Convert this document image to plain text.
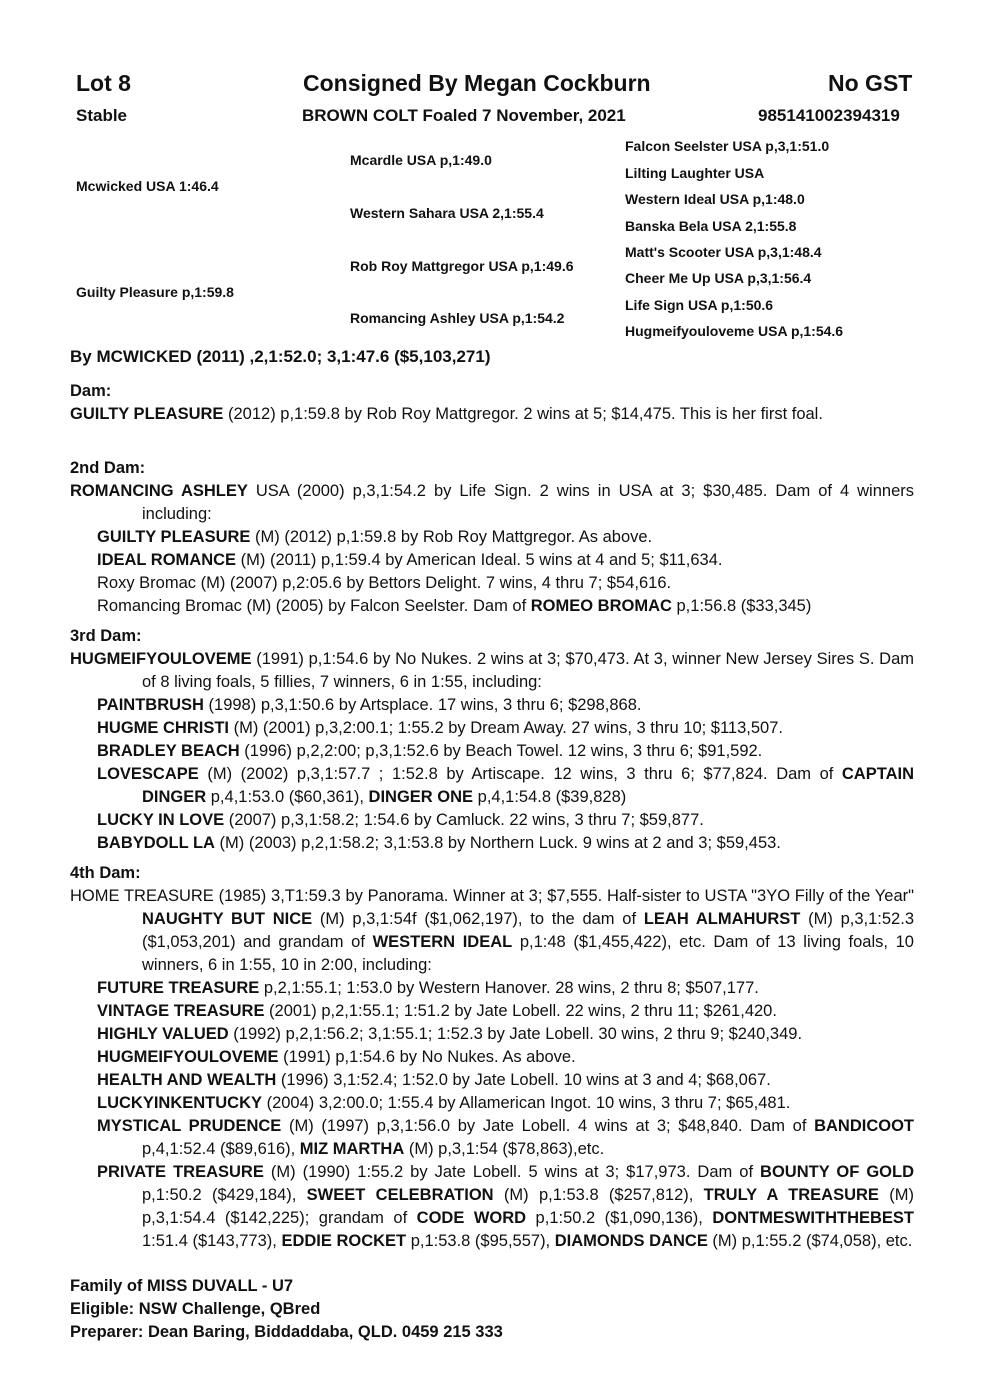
Lot 8	Consigned By Megan Cockburn	No GST
Stable	BROWN COLT Foaled 7 November, 2021	985141002394319
Mcwicked USA 1:46.4
Guilty Pleasure p,1:59.8
Mcardle USA p,1:49.0
Western Sahara USA 2,1:55.4
Rob Roy Mattgregor USA p,1:49.6
Romancing Ashley USA p,1:54.2
Falcon Seelster USA p,3,1:51.0
Lilting Laughter USA
Western Ideal USA p,1:48.0
Banska Bela USA 2,1:55.8
Matt's Scooter USA p,3,1:48.4
Cheer Me Up USA p,3,1:56.4
Life Sign USA p,1:50.6
Hugmeifyouloveme USA p,1:54.6
By MCWICKED (2011) ,2,1:52.0; 3,1:47.6 ($5,103,271)

Dam:

GUILTY PLEASURE (2012) p,1:59.8 by Rob Roy Mattgregor. 2 wins at 5; $14,475. This is her first foal.

2nd Dam:

ROMANCING ASHLEY USA (2000) p,3,1:54.2 by Life Sign. 2 wins in USA at 3; $30,485. Dam of 4 winners including:

GUILTY PLEASURE (M) (2012) p,1:59.8 by Rob Roy Mattgregor. As above.

IDEAL ROMANCE (M) (2011) p,1:59.4 by American Ideal. 5 wins at 4 and 5; $11,634.

Roxy Bromac (M) (2007) p,2:05.6 by Bettors Delight. 7 wins, 4 thru 7; $54,616.

Romancing Bromac (M) (2005) by Falcon Seelster. Dam of ROMEO BROMAC p,1:56.8 ($33,345)

3rd Dam:

HUGMEIFYOULOVEME (1991) p,1:54.6 by No Nukes. 2 wins at 3; $70,473. At 3, winner New Jersey Sires S. Dam of 8 living foals, 5 fillies, 7 winners, 6 in 1:55, including:

PAINTBRUSH (1998) p,3,1:50.6 by Artsplace. 17 wins, 3 thru 6; $298,868.

HUGME CHRISTI (M) (2001) p,3,2:00.1; 1:55.2 by Dream Away. 27 wins, 3 thru 10; $113,507.

BRADLEY BEACH (1996) p,2,2:00; p,3,1:52.6 by Beach Towel. 12 wins, 3 thru 6; $91,592.

LOVESCAPE (M) (2002) p,3,1:57.7 ; 1:52.8 by Artiscape. 12 wins, 3 thru 6; $77,824. Dam of CAPTAIN DINGER p,4,1:53.0 ($60,361), DINGER ONE p,4,1:54.8 ($39,828)

LUCKY IN LOVE (2007) p,3,1:58.2; 1:54.6 by Camluck. 22 wins, 3 thru 7; $59,877.

BABYDOLL LA (M) (2003) p,2,1:58.2; 3,1:53.8 by Northern Luck. 9 wins at 2 and 3; $59,453.

4th Dam:

HOME TREASURE (1985) 3,T1:59.3 by Panorama. Winner at 3; $7,555. Half-sister to USTA "3YO Filly of the Year" NAUGHTY BUT NICE (M) p,3,1:54f ($1,062,197), to the dam of LEAH ALMAHURST (M) p,3,1:52.3 ($1,053,201) and grandam of WESTERN IDEAL p,1:48 ($1,455,422), etc. Dam of 13 living foals, 10 winners, 6 in 1:55, 10 in 2:00, including:

FUTURE TREASURE p,2,1:55.1; 1:53.0 by Western Hanover. 28 wins, 2 thru 8; $507,177.

VINTAGE TREASURE (2001) p,2,1:55.1; 1:51.2 by Jate Lobell. 22 wins, 2 thru 11; $261,420.

HIGHLY VALUED (1992) p,2,1:56.2; 3,1:55.1; 1:52.3 by Jate Lobell. 30 wins, 2 thru 9; $240,349.

HUGMEIFYOULOVEME (1991) p,1:54.6 by No Nukes. As above.

HEALTH AND WEALTH (1996) 3,1:52.4; 1:52.0 by Jate Lobell. 10 wins at 3 and 4; $68,067.

LUCKYINKENTUCKY (2004) 3,2:00.0; 1:55.4 by Allamerican Ingot. 10 wins, 3 thru 7; $65,481.

MYSTICAL PRUDENCE (M) (1997) p,3,1:56.0 by Jate Lobell. 4 wins at 3; $48,840. Dam of BANDICOOT p,4,1:52.4 ($89,616), MIZ MARTHA (M) p,3,1:54 ($78,863),etc.

PRIVATE TREASURE (M) (1990) 1:55.2 by Jate Lobell. 5 wins at 3; $17,973. Dam of BOUNTY OF GOLD p,1:50.2 ($429,184), SWEET CELEBRATION (M) p,1:53.8 ($257,812), TRULY A TREASURE (M) p,3,1:54.4 ($142,225); grandam of CODE WORD p,1:50.2 ($1,090,136), DONTMESWITHTHEBEST 1:51.4 ($143,773), EDDIE ROCKET p,1:53.8 ($95,557), DIAMONDS DANCE (M) p,1:55.2 ($74,058), etc.

Family of MISS DUVALL - U7
Eligible: NSW Challenge, QBred
Preparer: Dean Baring, Biddaddaba, QLD. 0459 215 333
